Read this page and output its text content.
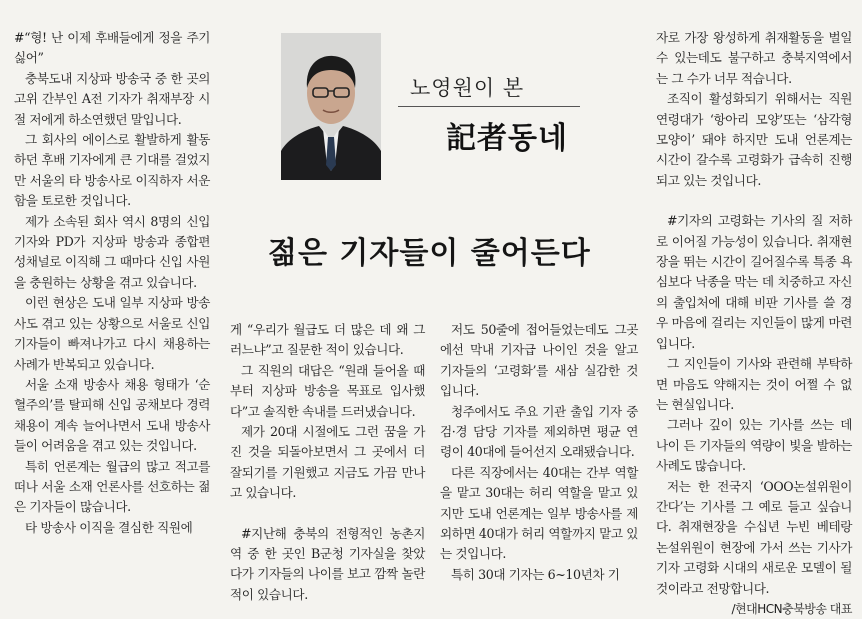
노영원이 본
記者동네
젊은 기자들이 줄어든다

#“형! 난 이제 후배들에게 정을 주기 싫어”

충북도내 지상파 방송국 중 한 곳의 고위 간부인 A전 기자가 취재부장 시절 저에게 하소연했던 말입니다.

그 회사의 에이스로 활발하게 활동하던 후배 기자에게 큰 기대를 걸었지만 서울의 타 방송사로 이직하자 서운함을 토로한 것입니다.

제가 소속된 회사 역시 8명의 신입 기자와 PD가 지상파 방송과 종합편성채널로 이직해 그 때마다 신입 사원을 충원하는 상황을 겪고 있습니다.

이런 현상은 도내 일부 지상파 방송사도 겪고 있는 상황으로 서울로 신입 기자들이 빠져나가고 다시 채용하는 사례가 반복되고 있습니다.

서울 소재 방송사 채용 형태가 ‘순혈주의’를 탈피해 신입 공채보다 경력 채용이 계속 늘어나면서 도내 방송사들이 어려움을 겪고 있는 것입니다.

특히 언론계는 월급의 많고 적고를 떠나 서울 소재 언론사를 선호하는 젊은 기자들이 많습니다.

타 방송사 이직을 결심한 직원에

게 “우리가 월급도 더 많은 데 왜 그러느냐”고 질문한 적이 있습니다.

그 직원의 대답은 “원래 들어올 때부터 지상파 방송을 목표로 입사했다”고 솔직한 속내를 드러냈습니다.

제가 20대 시절에도 그런 꿈을 가진 것을 되돌아보면서 그 곳에서 더 잘되기를 기원했고 지금도 가끔 만나고 있습니다.

#지난해 충북의 전형적인 농촌지역 중 한 곳인 B군청 기자실을 찾았다가 기자들의 나이를 보고 깜짝 놀란 적이 있습니다.

저도 50줄에 접어들었는데도 그곳에선 막내 기자급 나이인 것을 알고 기자들의 ‘고령화’를 새삼 실감한 것입니다.

청주에서도 주요 기관 출입 기자 중 검·경 담당 기자를 제외하면 평균 연령이 40대에 들어선지 오래됐습니다.

다른 직장에서는 40대는 간부 역할을 맡고 30대는 허리 역할을 맡고 있지만 도내 언론계는 일부 방송사를 제외하면 40대가 허리 역할까지 맡고 있는 것입니다.

특히 30대 기자는 6~10년차 기

자로 가장 왕성하게 취재활동을 벌일 수 있는데도 불구하고 충북지역에서는 그 수가 너무 적습니다.

조직이 활성화되기 위해서는 직원 연령대가 ‘항아리 모양’또는 ‘삼각형 모양이’ 돼야 하지만 도내 언론계는 시간이 갈수록 고령화가 급속히 진행되고 있는 것입니다.

#기자의 고령화는 기사의 질 저하로 이어질 가능성이 있습니다. 취재현장을 뛰는 시간이 길어질수록 특종 욕심보다 낙종을 막는 데 치중하고 자신의 출입처에 대해 비판 기사를 쓸 경우 마음에 걸리는 지인들이 많게 마련입니다.

그 지인들이 기사와 관련해 부탁하면 마음도 약해지는 것이 어쩔 수 없는 현실입니다.

그러나 깊이 있는 기사를 쓰는 데 나이 든 기자들의 역량이 빛을 발하는 사례도 많습니다.

저는 한 전국지 ‘OOO논설위원이 간다’는 기사를 그 예로 들고 싶습니다. 취재현장을 수십년 누빈 베테랑 논설위원이 현장에 가서 쓰는 기사가 기자 고령화 시대의 새로운 모델이 될 것이라고 전망합니다.

/현대HCN충북방송 대표
